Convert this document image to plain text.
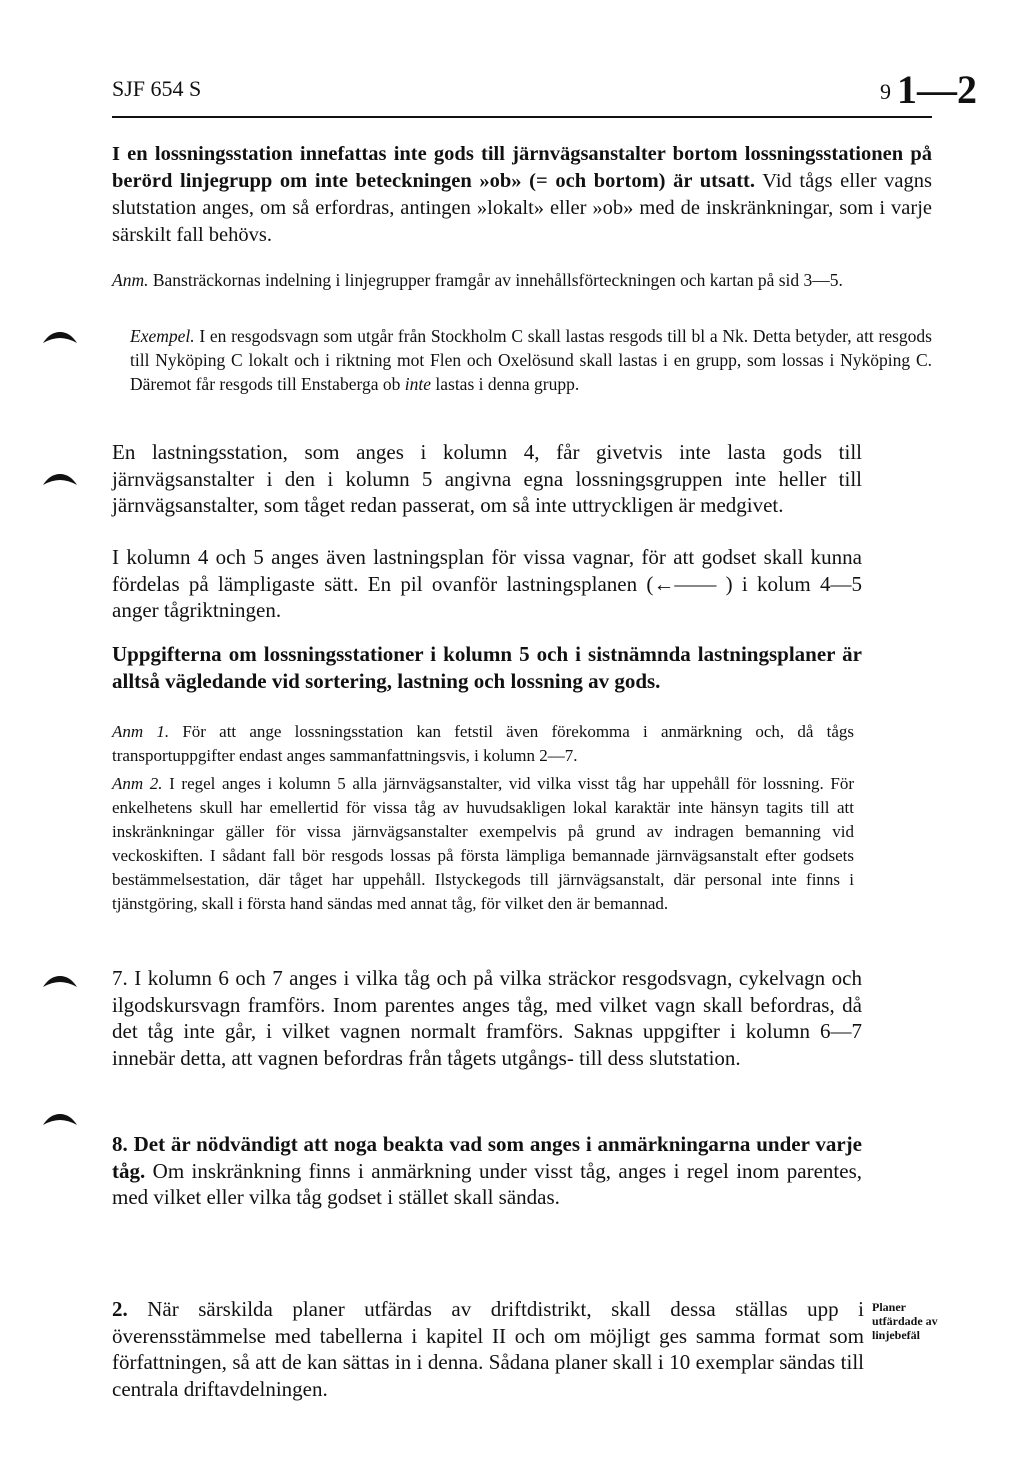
SJF 654 S	9 1—2

I en lossningsstation innefattas inte gods till järnvägsanstalter bortom lossningsstationen på berörd linjegrupp om inte beteckningen »ob» (= och bortom) är utsatt. Vid tågs eller vagns slutstation anges, om så erfordras, antingen »lokalt» eller »ob» med de inskränkningar, som i varje särskilt fall behövs.

Anm. Bansträckornas indelning i linjegrupper framgår av innehållsförteckningen och kartan på sid 3—5.

Exempel. I en resgodsvagn som utgår från Stockholm C skall lastas resgods till bl a Nk. Detta betyder, att resgods till Nyköping C lokalt och i riktning mot Flen och Oxelösund skall lastas i en grupp, som lossas i Nyköping C. Däremot får resgods till Enstaberga ob inte lastas i denna grupp.

En lastningsstation, som anges i kolumn 4, får givetvis inte lasta gods till järnvägsanstalter i den i kolumn 5 angivna egna lossningsgruppen inte heller till järnvägsanstalter, som tåget redan passerat, om så inte uttryckligen är medgivet.

I kolumn 4 och 5 anges även lastningsplan för vissa vagnar, för att godset skall kunna fördelas på lämpligaste sätt. En pil ovanför lastningsplanen (←—— ) i kolum 4—5 anger tågriktningen.

Uppgifterna om lossningsstationer i kolumn 5 och i sistnämnda lastningsplaner är alltså vägledande vid sortering, lastning och lossning av gods.

Anm 1. För att ange lossningsstation kan fetstil även förekomma i anmärkning och, då tågs transportuppgifter endast anges sammanfattningsvis, i kolumn 2—7.

Anm 2. I regel anges i kolumn 5 alla järnvägsanstalter, vid vilka visst tåg har uppehåll för lossning. För enkelhetens skull har emellertid för vissa tåg av huvudsakligen lokal karaktär inte hänsyn tagits till att inskränkningar gäller för vissa järnvägsanstalter exempelvis på grund av indragen bemanning vid veckoskiften. I sådant fall bör resgods lossas på första lämpliga bemannade järnvägsanstalt efter godsets bestämmelsestation, där tåget har uppehåll. Ilstyckegods till järnvägsanstalt, där personal inte finns i tjänstgöring, skall i första hand sändas med annat tåg, för vilket den är bemannad.

7. I kolumn 6 och 7 anges i vilka tåg och på vilka sträckor resgodsvagn, cykelvagn och ilgodskursvagn framförs. Inom parentes anges tåg, med vilket vagn skall befordras, då det tåg inte går, i vilket vagnen normalt framförs. Saknas uppgifter i kolumn 6—7 innebär detta, att vagnen befordras från tågets utgångs- till dess slutstation.

8. Det är nödvändigt att noga beakta vad som anges i anmärkningarna under varje tåg. Om inskränkning finns i anmärkning under visst tåg, anges i regel inom parentes, med vilket eller vilka tåg godset i stället skall sändas.

2. När särskilda planer utfärdas av driftdistrikt, skall dessa ställas upp i överensstämmelse med tabellerna i kapitel II och om möjligt ges samma format som författningen, så att de kan sättas in i denna. Sådana planer skall i 10 exemplar sändas till centrala driftavdelningen.

Planer utfärdade av linjebefäl
